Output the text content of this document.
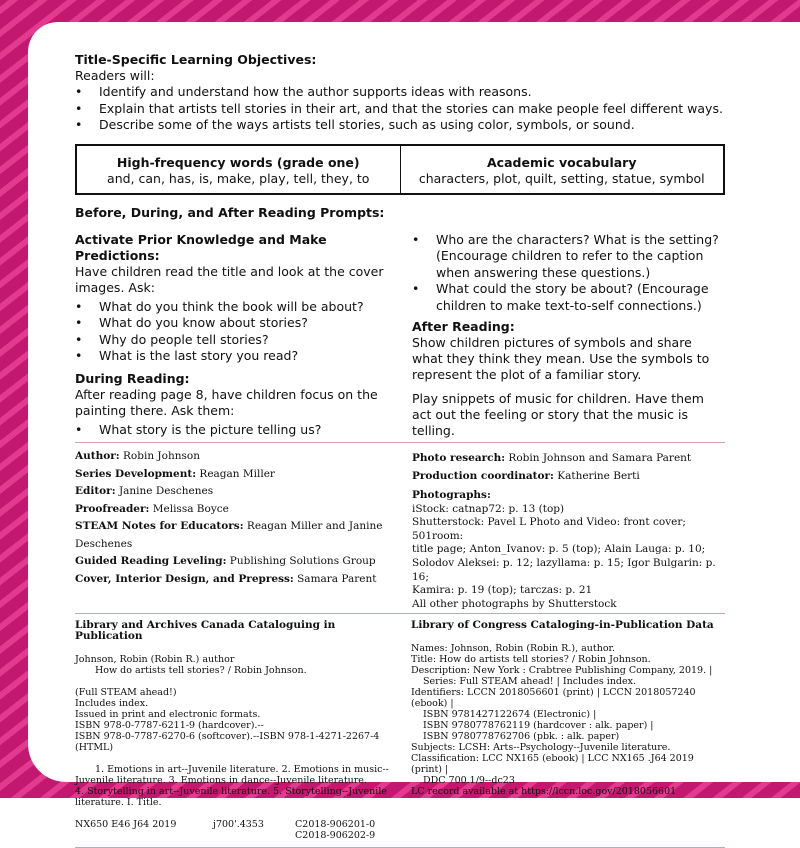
Title-Specific Learning Objectives:
Readers will:
• Identify and understand how the author supports ideas with reasons.
• Explain that artists tell stories in their art, and that the stories can make people feel different ways.
• Describe some of the ways artists tell stories, such as using color, symbols, or sound.
High-frequency words (grade one)
and, can, has, is, make, play, tell, they, to

Academic vocabulary
characters, plot, quilt, setting, statue, symbol
Before, During, and After Reading Prompts:
Activate Prior Knowledge and Make Predictions:

Have children read the title and look at the cover images. Ask:

• What do you think the book will be about?
• What do you know about stories?
• Why do people tell stories?
• What is the last story you read?
During Reading:

After reading page 8, have children focus on the painting there. Ask them:

• What story is the picture telling us?
• Who are the characters? What is the setting? (Encourage children to refer to the caption when answering these questions.)
• What could the story be about? (Encourage children to make text-to-self connections.)
After Reading:

Show children pictures of symbols and share what they think they mean. Use the symbols to represent the plot of a familiar story.

Play snippets of music for children. Have them act out the feeling or story that the music is telling.

Author: Robin Johnson
Series Development: Reagan Miller
Editor: Janine Deschenes
Proofreader: Melissa Boyce
STEAM Notes for Educators: Reagan Miller and Janine Deschenes
Guided Reading Leveling: Publishing Solutions Group
Cover, Interior Design, and Prepress: Samara Parent
Photo research: Robin Johnson and Samara Parent
Production coordinator: Katherine Berti
Photographs:
iStock: catnap72: p. 13 (top)
Shutterstock: Pavel L Photo and Video: front cover; 501room:
title page; Anton_Ivanov: p. 5 (top); Alain Lauga: p. 10;
Solodov Aleksei: p. 12; lazyllama: p. 15; Igor Bulgarin: p. 16;
Kamira: p. 19 (top); tarczas: p. 21
All other photographs by Shutterstock
Library and Archives Canada Cataloguing in Publication
Johnson, Robin (Robin R.) author
How do artists tell stories? / Robin Johnson.
(Full STEAM ahead!)
Includes index.
Issued in print and electronic formats.
ISBN 978-0-7787-6211-9 (hardcover).--
ISBN 978-0-7787-6270-6 (softcover).--ISBN 978-1-4271-2267-4 (HTML)
1. Emotions in art--Juvenile literature. 2. Emotions in music--
Juvenile literature. 3. Emotions in dance--Juvenile literature.
4. Storytelling in art--Juvenile literature. 5. Storytelling--Juvenile
literature. I. Title.
NX650 E46 J64 2019	j700'.4353	C2018-906201-0
C2018-906202-9
Library of Congress Cataloging-in-Publication Data
Names: Johnson, Robin (Robin R.), author.
Title: How do artists tell stories? / Robin Johnson.
Description: New York : Crabtree Publishing Company, 2019. |
Series: Full STEAM ahead! | Includes index.
Identifiers: LCCN 2018056601 (print) | LCCN 2018057240 (ebook) |
ISBN 9781427122674 (Electronic) |
ISBN 9780778762119 (hardcover : alk. paper) |
ISBN 9780778762706 (pbk. : alk. paper)
Subjects: LCSH: Arts--Psychology--Juvenile literature.
Classification: LCC NX165 (ebook) | LCC NX165 .J64 2019 (print) |
DDC 700.1/9--dc23
LC record available at https://lccn.loc.gov/2018056601
